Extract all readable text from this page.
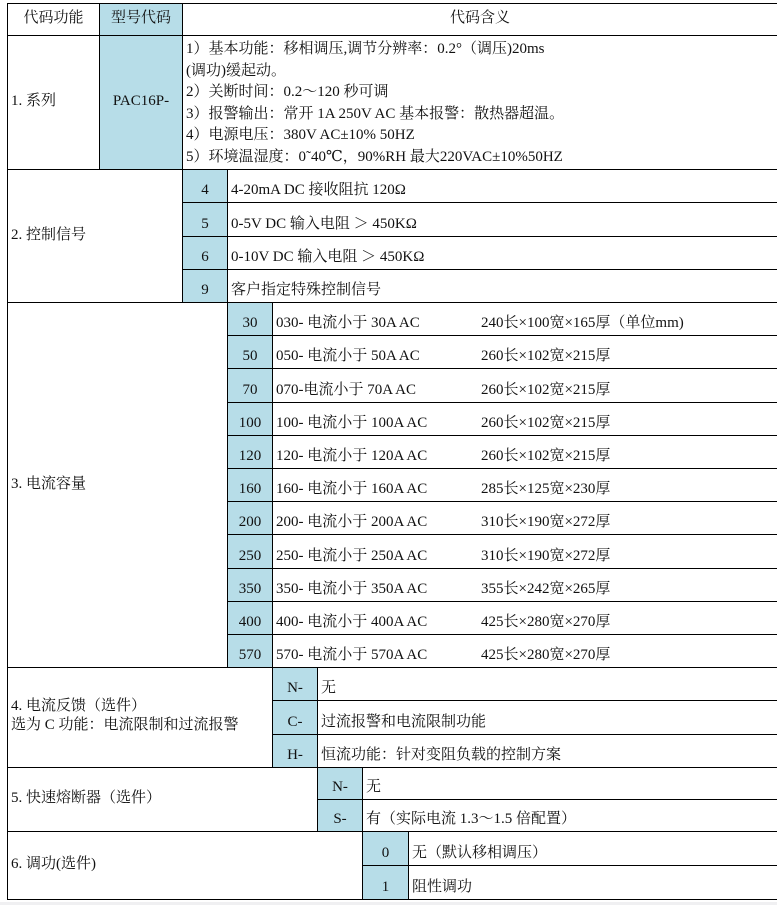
代码功能	型号代码	代码含义
1. 系列	PAC16P-
1）基本功能：移相调压,调节分辨率：0.2°（调压)20ms
(调功)缓起动。
2）关断时间：0.2～120 秒可调
3）报警输出：常开 1A 250V AC 基本报警：散热器超温。
4）电源电压：380V AC±10% 50HZ
5）环境温湿度：0˜40℃，90%RH 最大220VAC±10%50HZ
2. 控制信号
4	4-20mA DC 接收阻抗 120Ω
5	0-5V DC 输入电阻 ＞ 450KΩ
6	0-10V DC 输入电阻 ＞ 450KΩ
9	客户指定特殊控制信号
3. 电流容量
30	030- 电流小于 30A AC	240长×100宽×165厚（单位mm)
50	050- 电流小于 50A AC	260长×102宽×215厚
70	070-电流小于 70A AC	260长×102宽×215厚
100 100- 电流小于 100A AC	260长×102宽×215厚
120 120- 电流小于 120A AC	260长×102宽×215厚
160 160- 电流小于 160A AC	285长×125宽×230厚
200 200- 电流小于 200A AC	310长×190宽×272厚
250 250- 电流小于 250A AC	310长×190宽×272厚
350 350- 电流小于 350A AC	355长×242宽×265厚
400 400- 电流小于 400A AC	425长×280宽×270厚
570 570- 电流小于 570A AC	425长×280宽×270厚
4. 电流反馈（选件）
选为 C 功能：电流限制和过流报警
N-	无
C-	过流报警和电流限制功能
H-	恒流功能：针对变阻负载的控制方案
5. 快速熔断器（选件）
N-	无
S-	有（实际电流 1.3～1.5 倍配置）
6. 调功(选件)
0	无（默认移相调压）
1	阻性调功
